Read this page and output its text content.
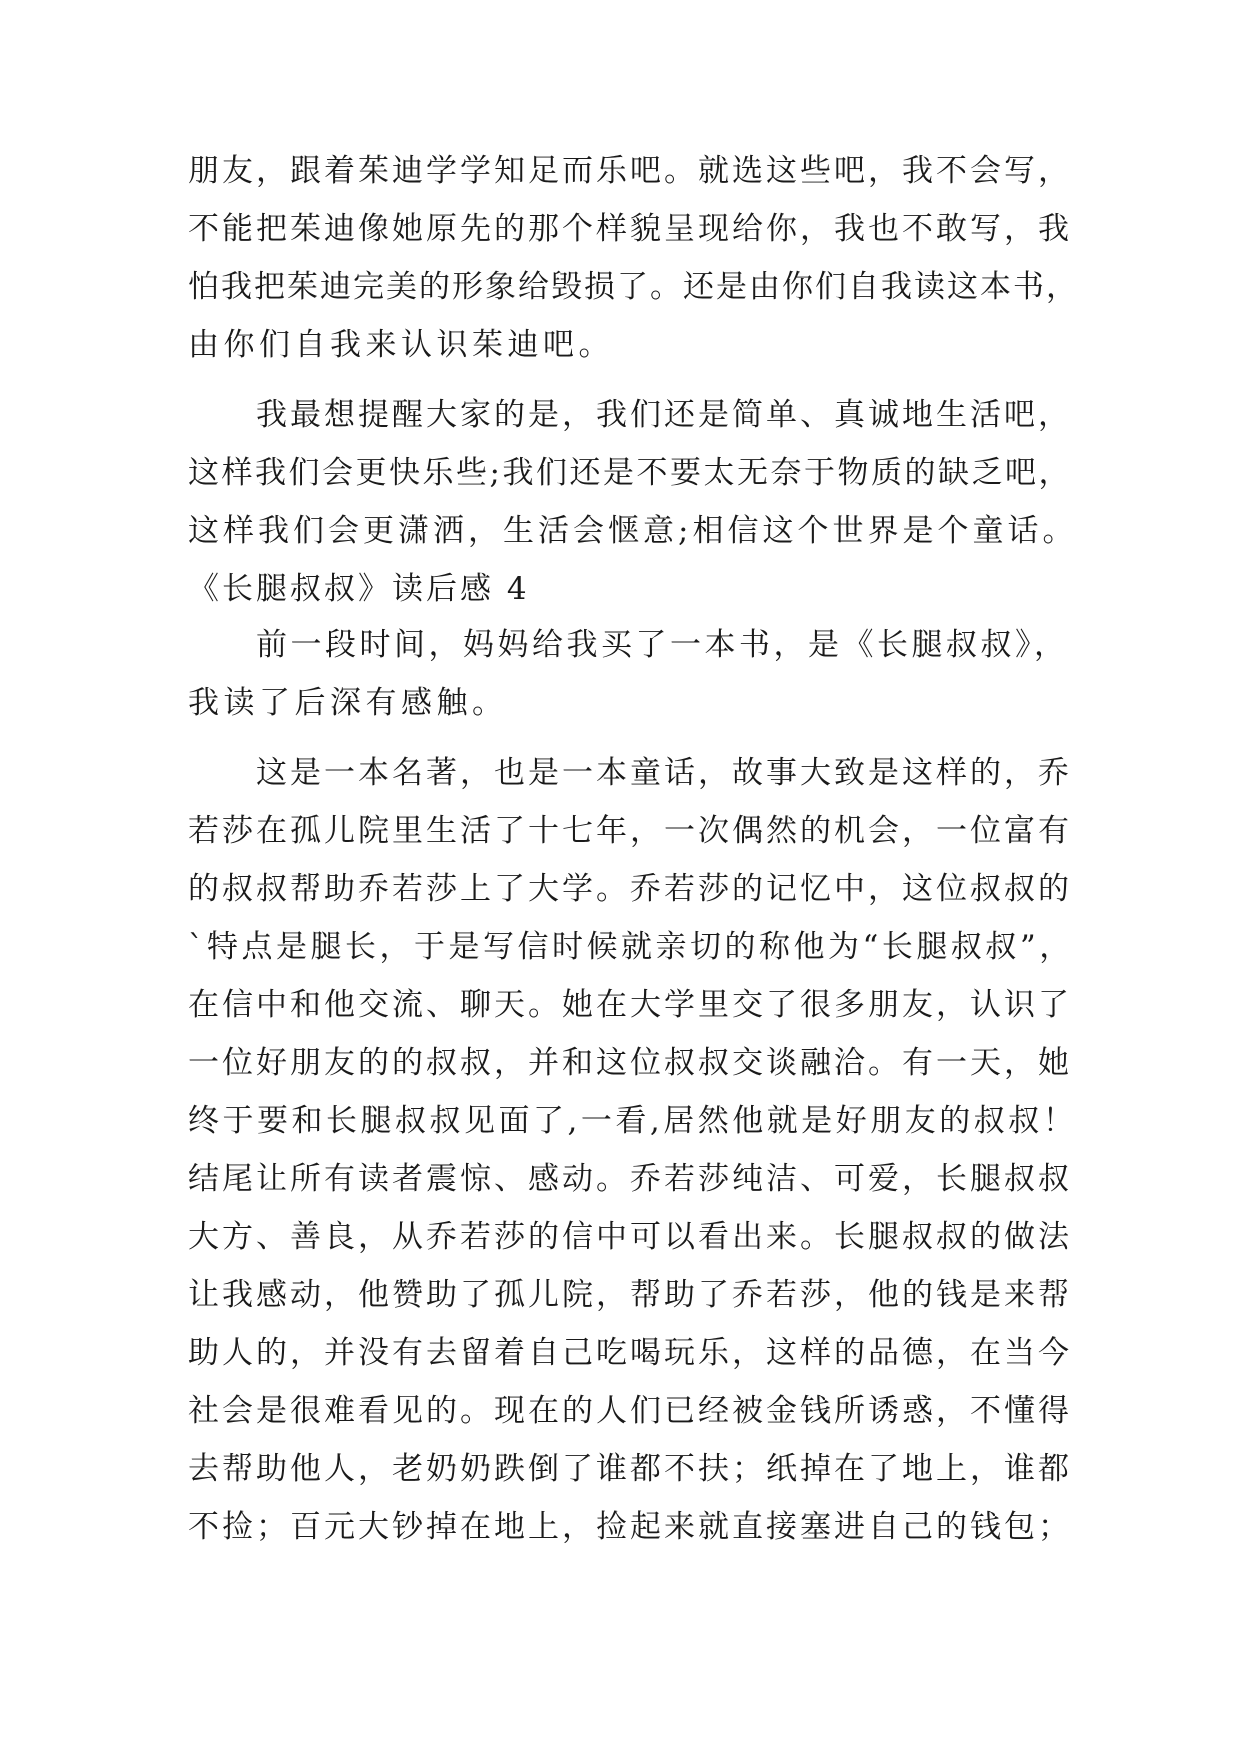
朋友，跟着茱迪学学知足而乐吧。就选这些吧，我不会写，
不能把茱迪像她原先的那个样貌呈现给你，我也不敢写，我
怕我把茱迪完美的形象给毁损了。还是由你们自我读这本书，
由你们自我来认识茱迪吧。
我最想提醒大家的是，我们还是简单、真诚地生活吧，
这样我们会更快乐些;我们还是不要太无奈于物质的缺乏吧，
这样我们会更潇洒，生活会惬意;相信这个世界是个童话。
《长腿叔叔》读后感 4
前一段时间，妈妈给我买了一本书，是《长腿叔叔》，
我读了后深有感触。
这是一本名著，也是一本童话，故事大致是这样的，乔
若莎在孤儿院里生活了十七年，一次偶然的机会，一位富有
的叔叔帮助乔若莎上了大学。乔若莎的记忆中，这位叔叔的
`特点是腿长，于是写信时候就亲切的称他为“长腿叔叔”，
在信中和他交流、聊天。她在大学里交了很多朋友，认识了
一位好朋友的的叔叔，并和这位叔叔交谈融洽。有一天，她
终于要和长腿叔叔见面了,一看,居然他就是好朋友的叔叔！
结尾让所有读者震惊、感动。乔若莎纯洁、可爱，长腿叔叔
大方、善良，从乔若莎的信中可以看出来。长腿叔叔的做法
让我感动，他赞助了孤儿院，帮助了乔若莎，他的钱是来帮
助人的，并没有去留着自己吃喝玩乐，这样的品德，在当今
社会是很难看见的。现在的人们已经被金钱所诱惑，不懂得
去帮助他人，老奶奶跌倒了谁都不扶；纸掉在了地上，谁都
不捡；百元大钞掉在地上，捡起来就直接塞进自己的钱包；
